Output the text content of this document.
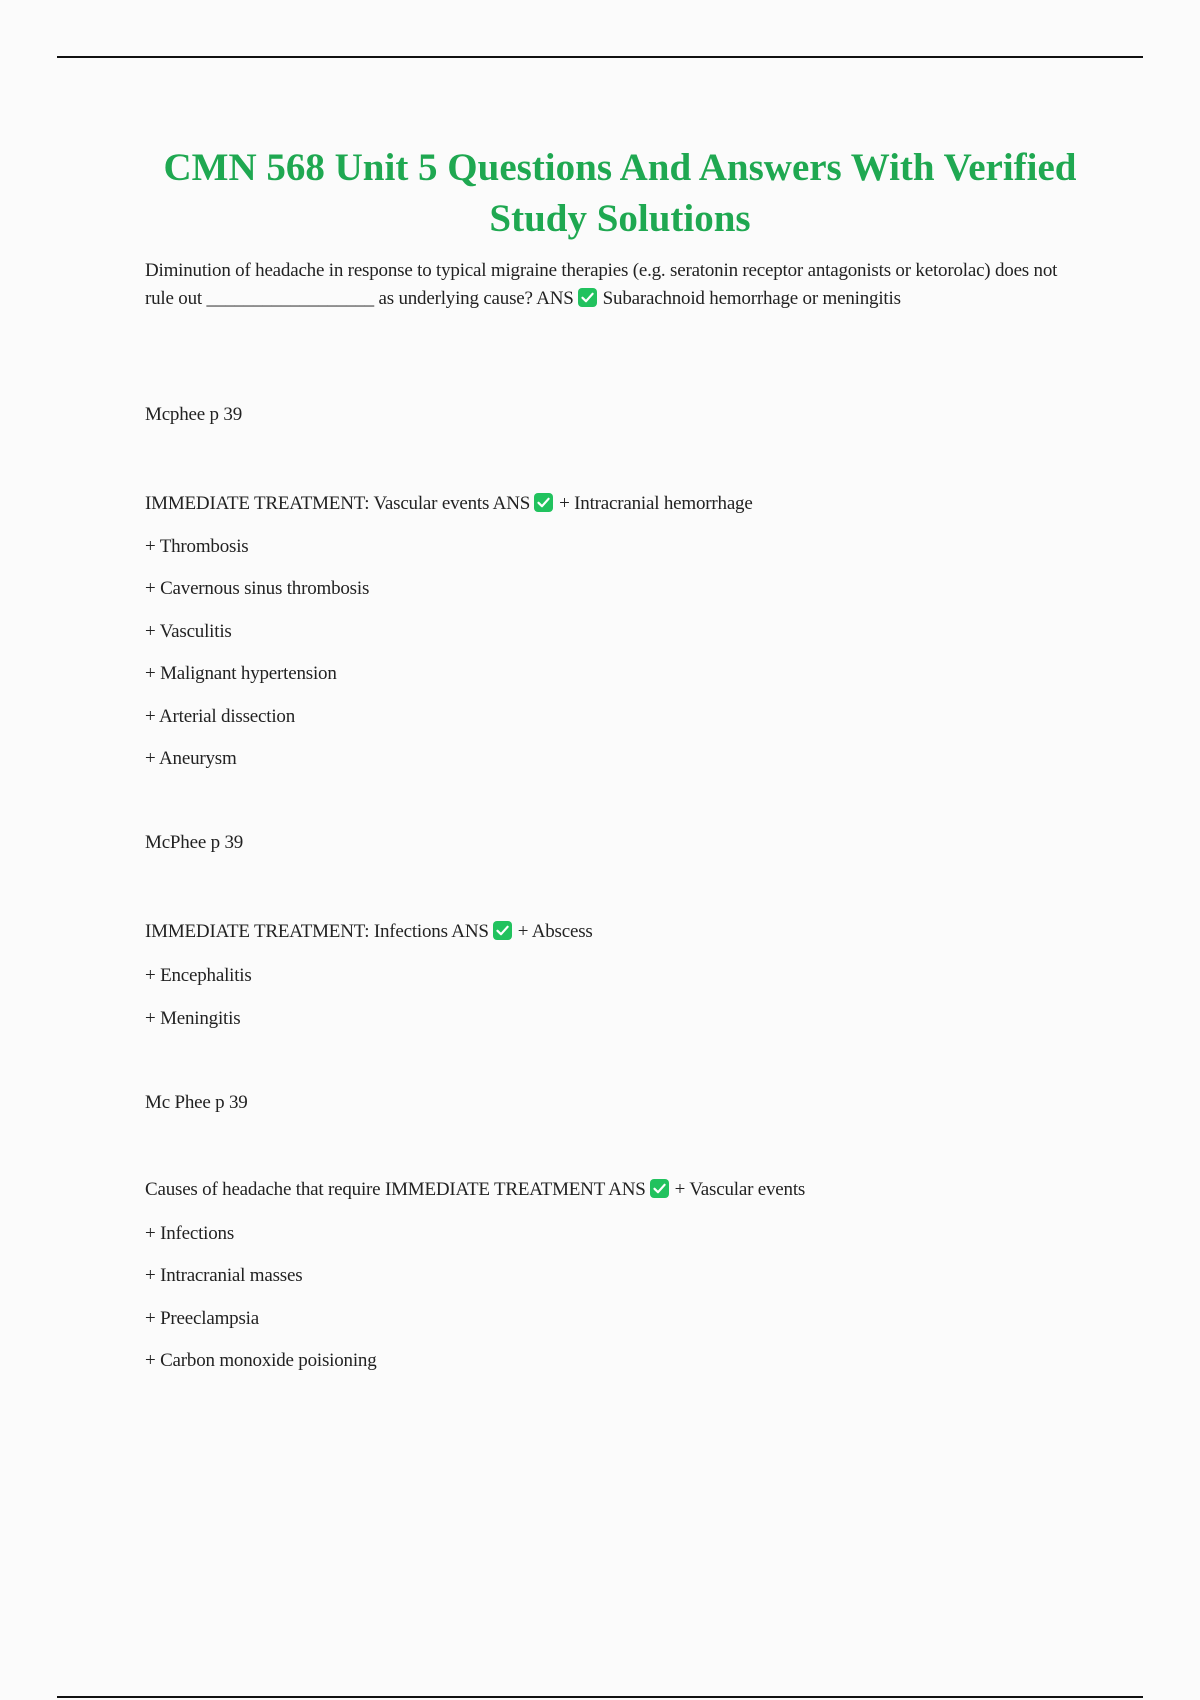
CMN 568 Unit 5 Questions And Answers With Verified Study Solutions

Diminution of headache in response to typical migraine therapies (e.g. seratonin receptor antagonists or ketorolac) does not rule out __________________ as underlying cause? ANS Subarachnoid hemorrhage or meningitis

Mcphee p 39
IMMEDIATE TREATMENT: Vascular events ANS + Intracranial hemorrhage
+ Thrombosis
+ Cavernous sinus thrombosis
+ Vasculitis
+ Malignant hypertension
+ Arterial dissection
+ Aneurysm
McPhee p 39
IMMEDIATE TREATMENT: Infections ANS + Abscess
+ Encephalitis
+ Meningitis
Mc Phee p 39
Causes of headache that require IMMEDIATE TREATMENT ANS + Vascular events
+ Infections
+ Intracranial masses
+ Preeclampsia
+ Carbon monoxide poisioning
